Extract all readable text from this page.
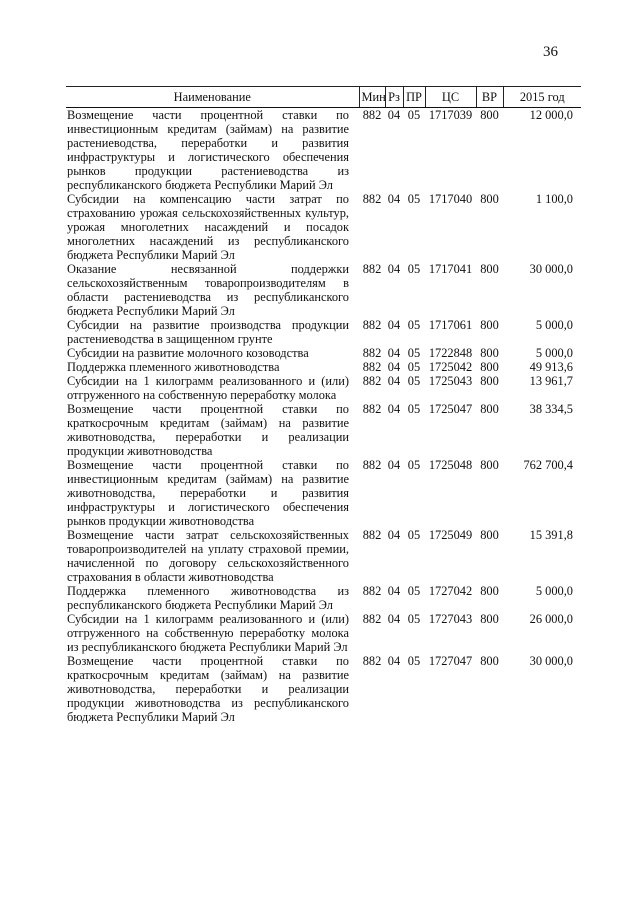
36
Наименование	Мин	Рз	ПР	ЦС	ВР	2015 год
Возмещение части процентной ставки по инвестиционным кредитам (займам) на развитие растениеводства, переработки и развития инфраструктуры и логистического обеспечения рынков продукции растениеводства из республиканского бюджета Республики Марий Эл	882	04	05	1717039	800	12 000,0
Субсидии на компенсацию части затрат по страхованию урожая сельскохозяйственных культур, урожая многолетних насаждений и посадок многолетних насаждений из республиканского бюджета Республики Марий Эл	882	04	05	1717040	800	1 100,0
Оказание несвязанной поддержки сельскохозяйственным товаропроизводителям в области растениеводства из республиканского бюджета Республики Марий Эл	882	04	05	1717041	800	30 000,0
Субсидии на развитие производства продукции растениеводства в защищенном грунте	882	04	05	1717061	800	5 000,0
Субсидии на развитие молочного козоводства	882	04	05	1722848	800	5 000,0
Поддержка племенного животноводства	882	04	05	1725042	800	49 913,6
Субсидии на 1 килограмм реализованного и (или) отгруженного на собственную переработку молока	882	04	05	1725043	800	13 961,7
Возмещение части процентной ставки по краткосрочным кредитам (займам) на развитие животноводства, переработки и реализации продукции животноводства	882	04	05	1725047	800	38 334,5
Возмещение части процентной ставки по инвестиционным кредитам (займам) на развитие животноводства, переработки и развития инфраструктуры и логистического обеспечения рынков продукции животноводства	882	04	05	1725048	800	762 700,4
Возмещение части затрат сельскохозяйственных товаропроизводителей на уплату страховой премии, начисленной по договору сельскохозяйственного страхования в области животноводства	882	04	05	1725049	800	15 391,8
Поддержка племенного животноводства из республиканского бюджета Республики Марий Эл	882	04	05	1727042	800	5 000,0
Субсидии на 1 килограмм реализованного и (или) отгруженного на собственную переработку молока из республиканского бюджета Республики Марий Эл	882	04	05	1727043	800	26 000,0
Возмещение части процентной ставки по краткосрочным кредитам (займам) на развитие животноводства, переработки и реализации продукции животноводства из республиканского бюджета Республики Марий Эл	882	04	05	1727047	800	30 000,0
